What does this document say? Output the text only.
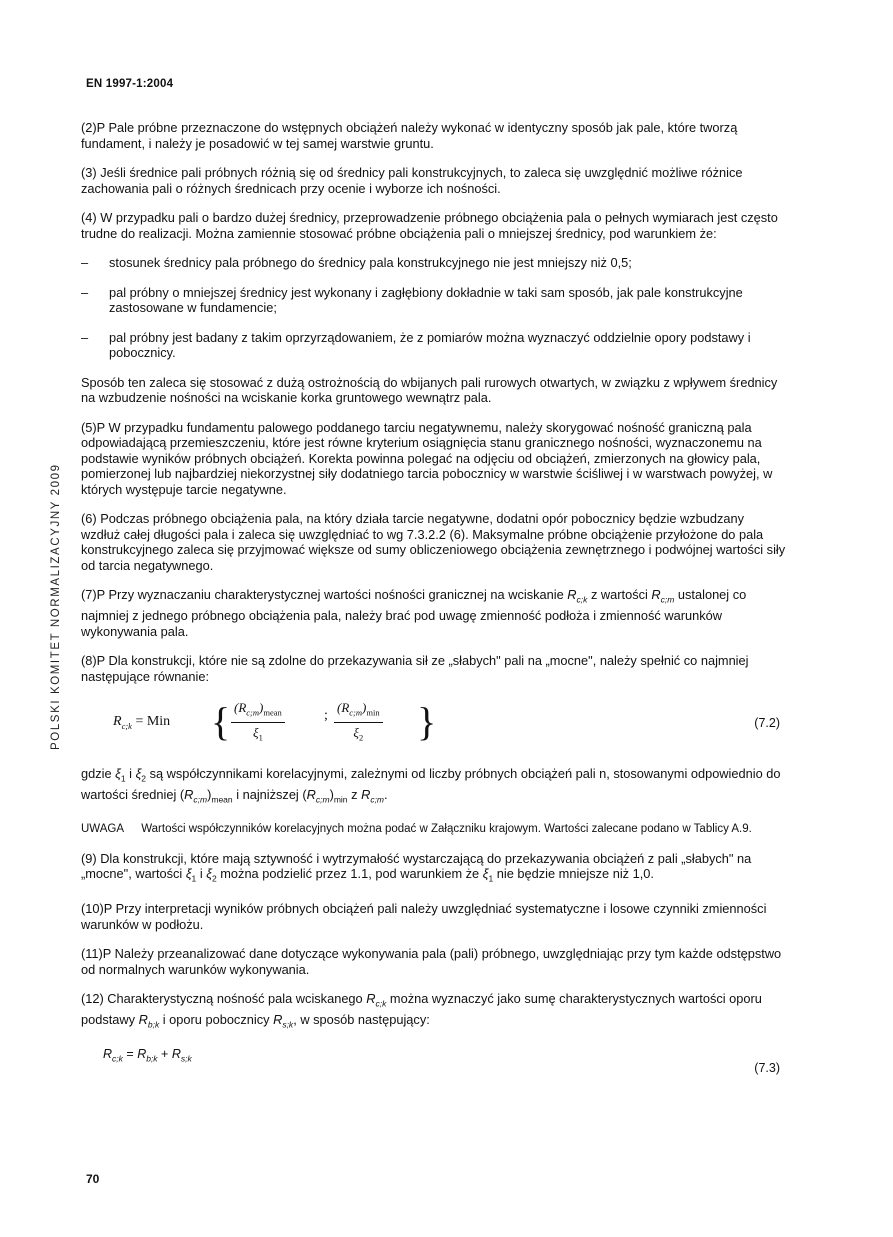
EN 1997-1:2004
POLSKI KOMITET NORMALIZACYJNY 2009

(2)P Pale próbne przeznaczone do wstępnych obciążeń należy wykonać w identyczny sposób jak pale, które tworzą fundament, i należy je posadowić w tej samej warstwie gruntu.

(3) Jeśli średnice pali próbnych różnią się od średnicy pali konstrukcyjnych, to zaleca się uwzględnić możliwe różnice zachowania pali o różnych średnicach przy ocenie i wyborze ich nośności.

(4) W przypadku pali o bardzo dużej średnicy, przeprowadzenie próbnego obciążenia pala o pełnych wymiarach jest często trudne do realizacji. Można zamiennie stosować próbne obciążenia pali o mniejszej średnicy, pod warunkiem że:

–	stosunek średnicy pala próbnego do średnicy pala konstrukcyjnego nie jest mniejszy niż 0,5;
–	pal próbny o mniejszej średnicy jest wykonany i zagłębiony dokładnie w taki sam sposób, jak pale konstrukcyjne zastosowane w fundamencie;
–	pal próbny jest badany z takim oprzyrządowaniem, że z pomiarów można wyznaczyć oddzielnie opory podstawy i pobocznicy.

Sposób ten zaleca się stosować z dużą ostrożnością do wbijanych pali rurowych otwartych, w związku z wpływem średnicy na wzbudzenie nośności na wciskanie korka gruntowego wewnątrz pala.

(5)P W przypadku fundamentu palowego poddanego tarciu negatywnemu, należy skorygować nośność graniczną pala odpowiadającą przemieszczeniu, które jest równe kryterium osiągnięcia stanu granicznego nośności, wyznaczonemu na podstawie wyników próbnych obciążeń. Korekta powinna polegać na odjęciu od obciążeń, zmierzonych na głowicy pala, pomierzonej lub najbardziej niekorzystnej siły dodatniego tarcia pobocznicy w warstwie ściśliwej i w warstwach powyżej, w których występuje tarcie negatywne.

(6) Podczas próbnego obciążenia pala, na który działa tarcie negatywne, dodatni opór pobocznicy będzie wzbudzany wzdłuż całej długości pala i zaleca się uwzględniać to wg 7.3.2.2 (6). Maksymalne próbne obciążenie przyłożone do pala konstrukcyjnego zaleca się przyjmować większe od sumy obliczeniowego obciążenia zewnętrznego i podwójnej wartości siły od tarcia negatywnego.

(7)P Przy wyznaczaniu charakterystycznej wartości nośności granicznej na wciskanie $R_{c;k}$ z wartości $R_{c;m}$ ustalonej co najmniej z jednego próbnego obciążenia pala, należy brać pod uwagę zmienność podłoża i zmienność warunków wykonywania pala.

(8)P Dla konstrukcji, które nie są zdolne do przekazywania sił ze „słabych" pali na „mocne", należy spełnić co najmniej następujące równanie:

$R_{c;k}$ = Min { $(R_{c;m})_{mean}$
$\xi_1$
;
$(R_{c;m})_{min}$
$\xi_2$	}	(7.2)

gdzie $\xi_1$ i $\xi_2$ są współczynnikami korelacyjnymi, zależnymi od liczby próbnych obciążeń pali n, stosowanymi odpowiednio do wartości średniej $(R_{c;m})_{mean}$ i najniższej $(R_{c;m})_{min}$ z $R_{c;m}$.

UWAGA Wartości współczynników korelacyjnych można podać w Załączniku krajowym. Wartości zalecane podano w Tablicy A.9.

(9) Dla konstrukcji, które mają sztywność i wytrzymałość wystarczającą do przekazywania obciążeń z pali „słabych" na „mocne", wartości $\xi_1$ i $\xi_2$ można podzielić przez 1.1, pod warunkiem że $\xi_1$ nie będzie mniejsze niż 1,0.

(10)P Przy interpretacji wyników próbnych obciążeń pali należy uwzględniać systematyczne i losowe czynniki zmienności warunków w podłożu.

(11)P Należy przeanalizować dane dotyczące wykonywania pala (pali) próbnego, uwzględniając przy tym każde odstępstwo od normalnych warunków wykonywania.

(12) Charakterystyczną nośność pala wciskanego $R_{c;k}$ można wyznaczyć jako sumę charakterystycznych wartości oporu podstawy $R_{b;k}$ i oporu pobocznicy $R_{s;k}$, w sposób następujący:

$R_{c;k} = R_{b;k} + R_{s;k}$
(7.3)
70
